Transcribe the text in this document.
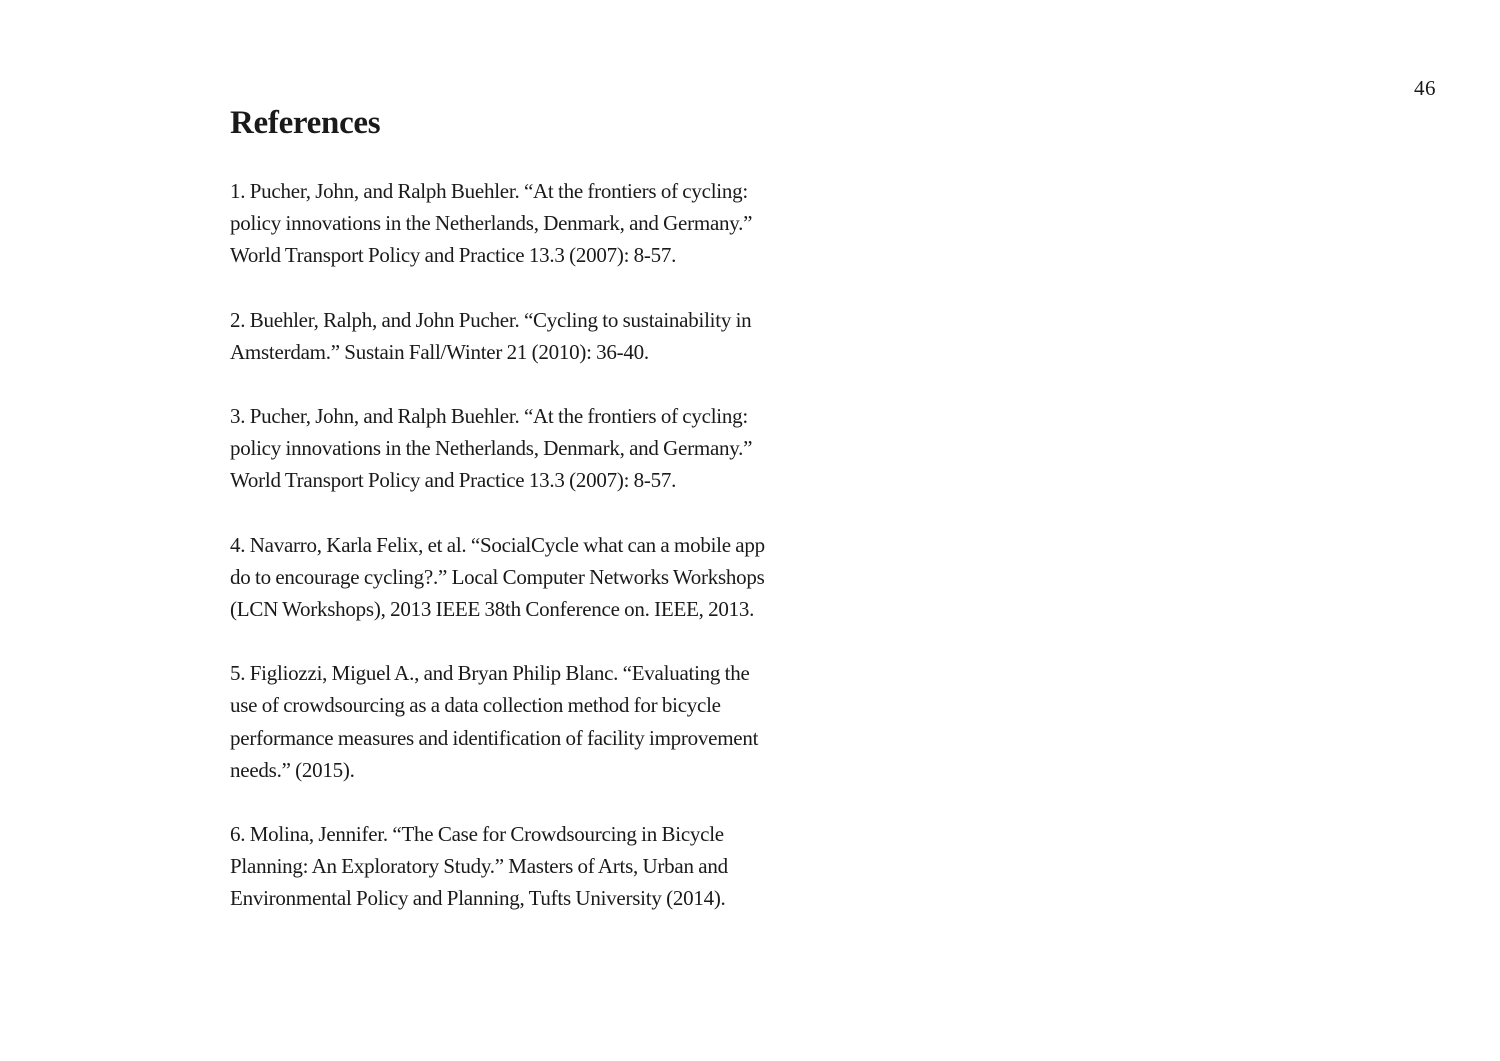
46
References
1. Pucher, John, and Ralph Buehler. “At the frontiers of cycling:
policy innovations in the Netherlands, Denmark, and Germany.”
World Transport Policy and Practice 13.3 (2007): 8-57.
2. Buehler, Ralph, and John Pucher. “Cycling to sustainability in
Amsterdam.” Sustain Fall/Winter 21 (2010): 36-40.
3. Pucher, John, and Ralph Buehler. “At the frontiers of cycling:
policy innovations in the Netherlands, Denmark, and Germany.”
World Transport Policy and Practice 13.3 (2007): 8-57.
4. Navarro, Karla Felix, et al. “SocialCycle what can a mobile app
do to encourage cycling?.” Local Computer Networks Workshops
(LCN Workshops), 2013 IEEE 38th Conference on. IEEE, 2013.
5. Figliozzi, Miguel A., and Bryan Philip Blanc. “Evaluating the
use of crowdsourcing as a data collection method for bicycle
performance measures and identification of facility improvement
needs.” (2015).
6. Molina, Jennifer. “The Case for Crowdsourcing in Bicycle
Planning: An Exploratory Study.” Masters of Arts, Urban and
Environmental Policy and Planning, Tufts University (2014).
